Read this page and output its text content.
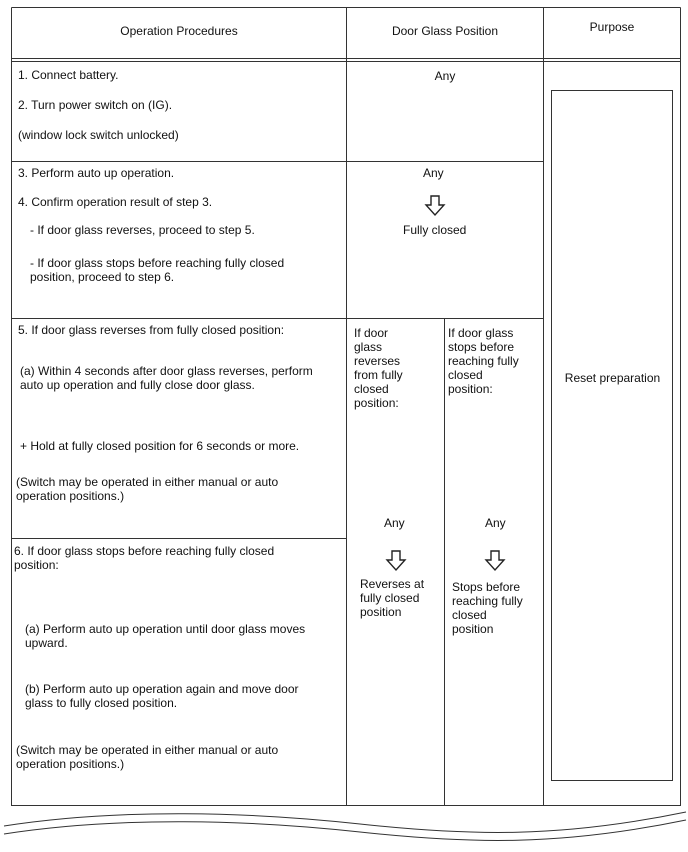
Operation Procedures	Door Glass Position	Purpose
1. Connect battery.
2. Turn power switch on (IG).
(window lock switch unlocked)
Any
3. Perform auto up operation.
4. Confirm operation result of step 3.
- If door glass reverses, proceed to step 5.
- If door glass stops before reaching fully closed
position, proceed to step 6.
Any
Fully closed
5. If door glass reverses from fully closed position:
(a) Within 4 seconds after door glass reverses, perform
auto up operation and fully close door glass.
+ Hold at fully closed position for 6 seconds or more.
(Switch may be operated in either manual or auto
operation positions.)
6. If door glass stops before reaching fully closed
position:
(a) Perform auto up operation until door glass moves
upward.
(b) Perform auto up operation again and move door
glass to fully closed position.
(Switch may be operated in either manual or auto
operation positions.)
If door
glass
reverses
from fully
closed
position:
Any
Reverses at
fully closed
position
If door glass
stops before
reaching fully
closed
position:
Any
Stops before
reaching fully
closed
position
Reset preparation
